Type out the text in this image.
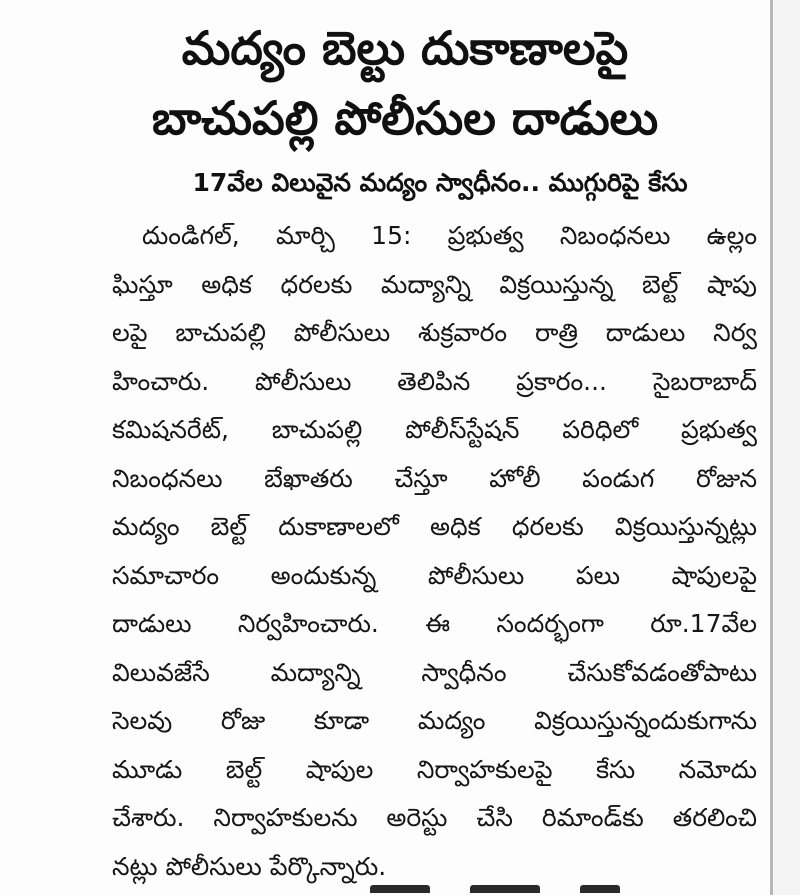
మద్యం బెల్టు దుకాణాలపై
బాచుపల్లి పోలీసుల దాడులు
17వేల విలువైన మద్యం స్వాధీనం.. ముగ్గురిపై కేసు
దుండిగల్, మార్చి 15: ప్రభుత్వ నిబంధనలు ఉల్లం
ఘిస్తూ అధిక ధరలకు మద్యాన్ని విక్రయిస్తున్న బెల్ట్ షాపు
లపై బాచుపల్లి పోలీసులు శుక్రవారం రాత్రి దాడులు నిర్వ
హించారు. పోలీసులు తెలిపిన ప్రకారం... సైబరాబాద్
కమిషనరేట్, బాచుపల్లి పోలీస్‌స్టేషన్ పరిధిలో ప్రభుత్వ
నిబంధనలు బేఖాతరు చేస్తూ హోలీ పండుగ రోజున
మద్యం బెల్ట్ దుకాణాలలో అధిక ధరలకు విక్రయిస్తున్నట్లు
సమాచారం అందుకున్న పోలీసులు పలు షాపులపై
దాడులు నిర్వహించారు. ఈ సందర్భంగా రూ.17వేల
విలువజేసే మద్యాన్ని స్వాధీనం చేసుకోవడంతోపాటు
సెలవు రోజు కూడా మద్యం విక్రయిస్తున్నందుకుగాను
మూడు బెల్ట్ షాపుల నిర్వాహకులపై కేసు నమోదు
చేశారు. నిర్వాహకులను అరెస్టు చేసి రిమాండ్‌కు తరలించి
నట్లు పోలీసులు పేర్కొన్నారు.
